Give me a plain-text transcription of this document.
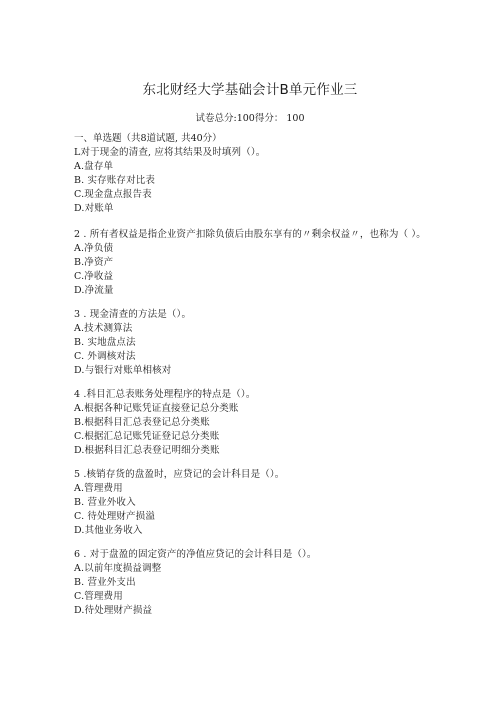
东北财经大学基础会计B单元作业三
试卷总分:100得分： 100
一、单选题（共8道试题, 共40分）
L对于现金的清查, 应将其结果及时填列（）。
A.盘存单
B. 实存账存对比表
C.现金盘点报告表
D.对账单
2 . 所有者权益是指企业资产扣除负债后由股东享有的〃剩余权益〃，也称为（ ）。
A.净负债
B.净资产
C.净收益
D.净流量
3 . 现金清查的方法是（）。
A.技术测算法
B. 实地盘点法
C. 外调核对法
D.与银行对账单相核对
4 .科目汇总表账务处理程序的特点是（）。
A.根据各种记账凭证直接登记总分类账
B.根据科目汇总表登记总分类账
C.根据汇总记账凭证登记总分类账
D.根据科目汇总表登记明细分类账
5 .核销存货的盘盈时，应贷记的会计科目是（）。
A.管理费用
B. 营业外收入
C. 待处理财产损溢
D.其他业务收入
6 . 对于盘盈的固定资产的净值应贷记的会计科目是（）。
A.以前年度损益调整
B. 营业外支出
C.管理费用
D.待处理财产损益
